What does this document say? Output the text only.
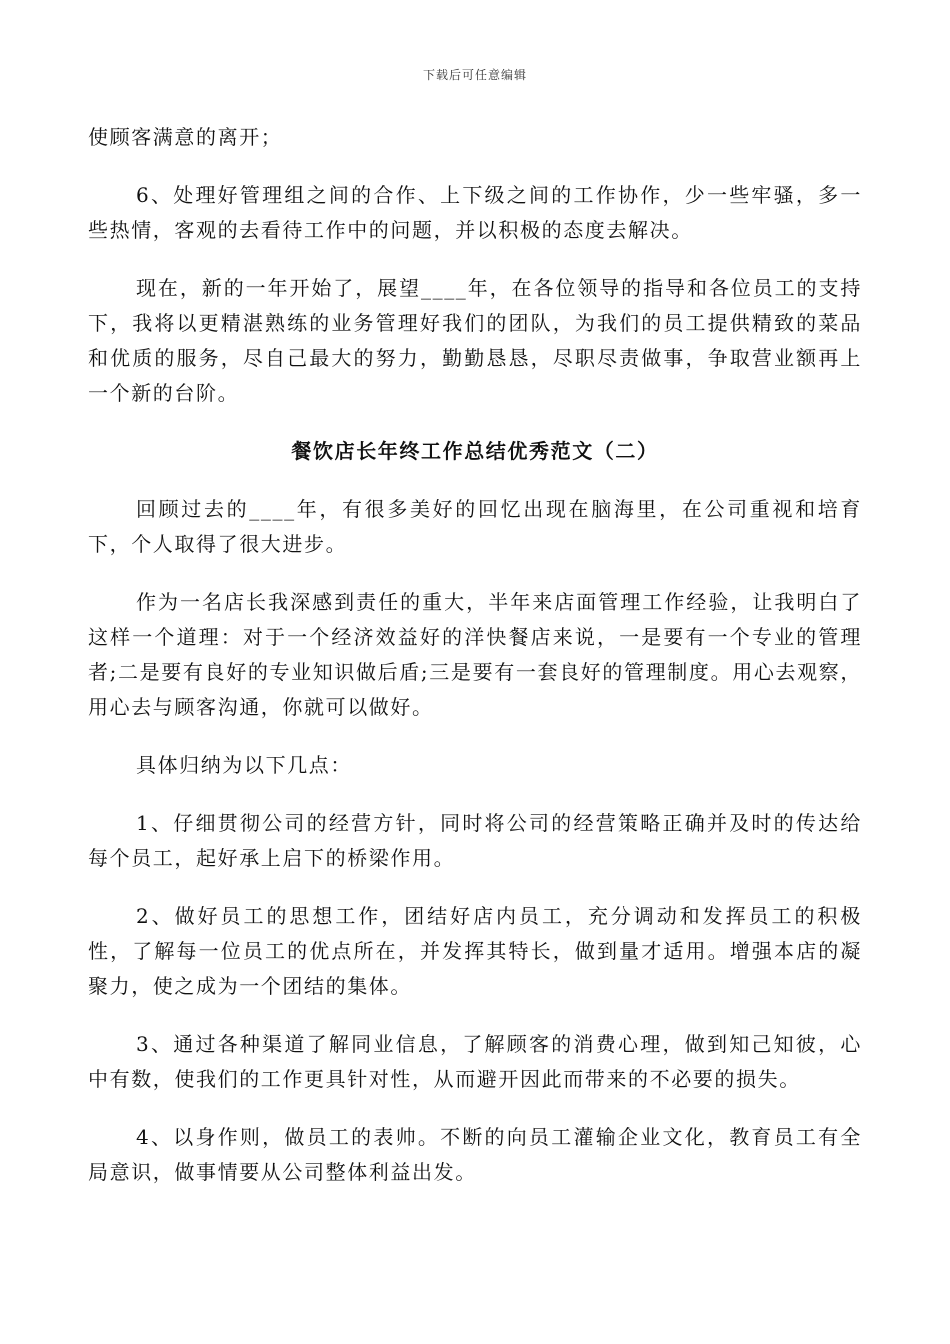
下载后可任意编辑

使顾客满意的离开；

6、处理好管理组之间的合作、上下级之间的工作协作，少一些牢骚，多一些热情，客观的去看待工作中的问题，并以积极的态度去解决。

现在，新的一年开始了，展望____年，在各位领导的指导和各位员工的支持下，我将以更精湛熟练的业务管理好我们的团队，为我们的员工提供精致的菜品和优质的服务，尽自己最大的努力，勤勤恳恳，尽职尽责做事，争取营业额再上一个新的台阶。

餐饮店长年终工作总结优秀范文（二）

回顾过去的____年，有很多美好的回忆出现在脑海里，在公司重视和培育下，个人取得了很大进步。

作为一名店长我深感到责任的重大，半年来店面管理工作经验，让我明白了这样一个道理：对于一个经济效益好的洋快餐店来说，一是要有一个专业的管理者;二是要有良好的专业知识做后盾;三是要有一套良好的管理制度。用心去观察，用心去与顾客沟通，你就可以做好。

具体归纳为以下几点：

1、仔细贯彻公司的经营方针，同时将公司的经营策略正确并及时的传达给每个员工，起好承上启下的桥梁作用。

2、做好员工的思想工作，团结好店内员工，充分调动和发挥员工的积极性，了解每一位员工的优点所在，并发挥其特长，做到量才适用。增强本店的凝聚力，使之成为一个团结的集体。

3、通过各种渠道了解同业信息，了解顾客的消费心理，做到知己知彼，心中有数，使我们的工作更具针对性，从而避开因此而带来的不必要的损失。

4、以身作则，做员工的表帅。不断的向员工灌输企业文化，教育员工有全局意识，做事情要从公司整体利益出发。
